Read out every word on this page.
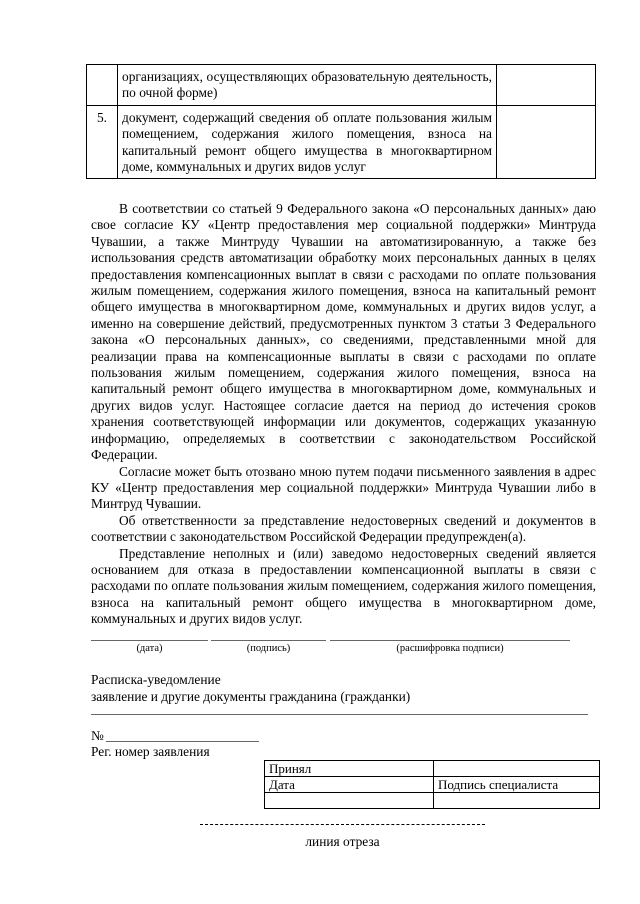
	организациях, осуществляющих образовательную деятельность, по очной форме)	
5.	документ, содержащий сведения об оплате пользования жилым помещением, содержания жилого помещения, взноса на капитальный ремонт общего имущества в многоквартирном доме, коммунальных и других видов услуг	

В соответствии со статьей 9 Федерального закона «О персональных данных» даю свое согласие КУ «Центр предоставления мер социальной поддержки» Минтруда Чувашии, а также Минтруду Чувашии на автоматизированную, а также без использования средств автоматизации обработку моих персональных данных в целях предоставления компенсационных выплат в связи с расходами по оплате пользования жилым помещением, содержания жилого помещения, взноса на капитальный ремонт общего имущества в многоквартирном доме, коммунальных и других видов услуг, а именно на совершение действий, предусмотренных пунктом 3 статьи 3 Федерального закона «О персональных данных», со сведениями, представленными мной для реализации права на компенсационные выплаты в связи с расходами по оплате пользования жилым помещением, содержания жилого помещения, взноса на капитальный ремонт общего имущества в многоквартирном доме, коммунальных и других видов услуг. Настоящее согласие дается на период до истечения сроков хранения соответствующей информации или документов, содержащих указанную информацию, определяемых в соответствии с законодательством Российской Федерации.

Согласие может быть отозвано мною путем подачи письменного заявления в адрес КУ «Центр предоставления мер социальной поддержки» Минтруда Чувашии либо в Минтруд Чувашии.

Об ответственности за представление недостоверных сведений и документов в соответствии с законодательством Российской Федерации предупрежден(а).

Представление неполных и (или) заведомо недостоверных сведений является основанием для отказа в предоставлении компенсационной выплаты в связи с расходами по оплате пользования жилым помещением, содержания жилого помещения, взноса на капитальный ремонт общего имущества в многоквартирном доме, коммунальных и других видов услуг.

(дата)	(подпись)	(расшифровка подписи)
Расписка-уведомление
заявление и другие документы гражданина (гражданки)
№
Рег. номер заявления
Принял	
Дата	Подпись специалиста

линия отреза
